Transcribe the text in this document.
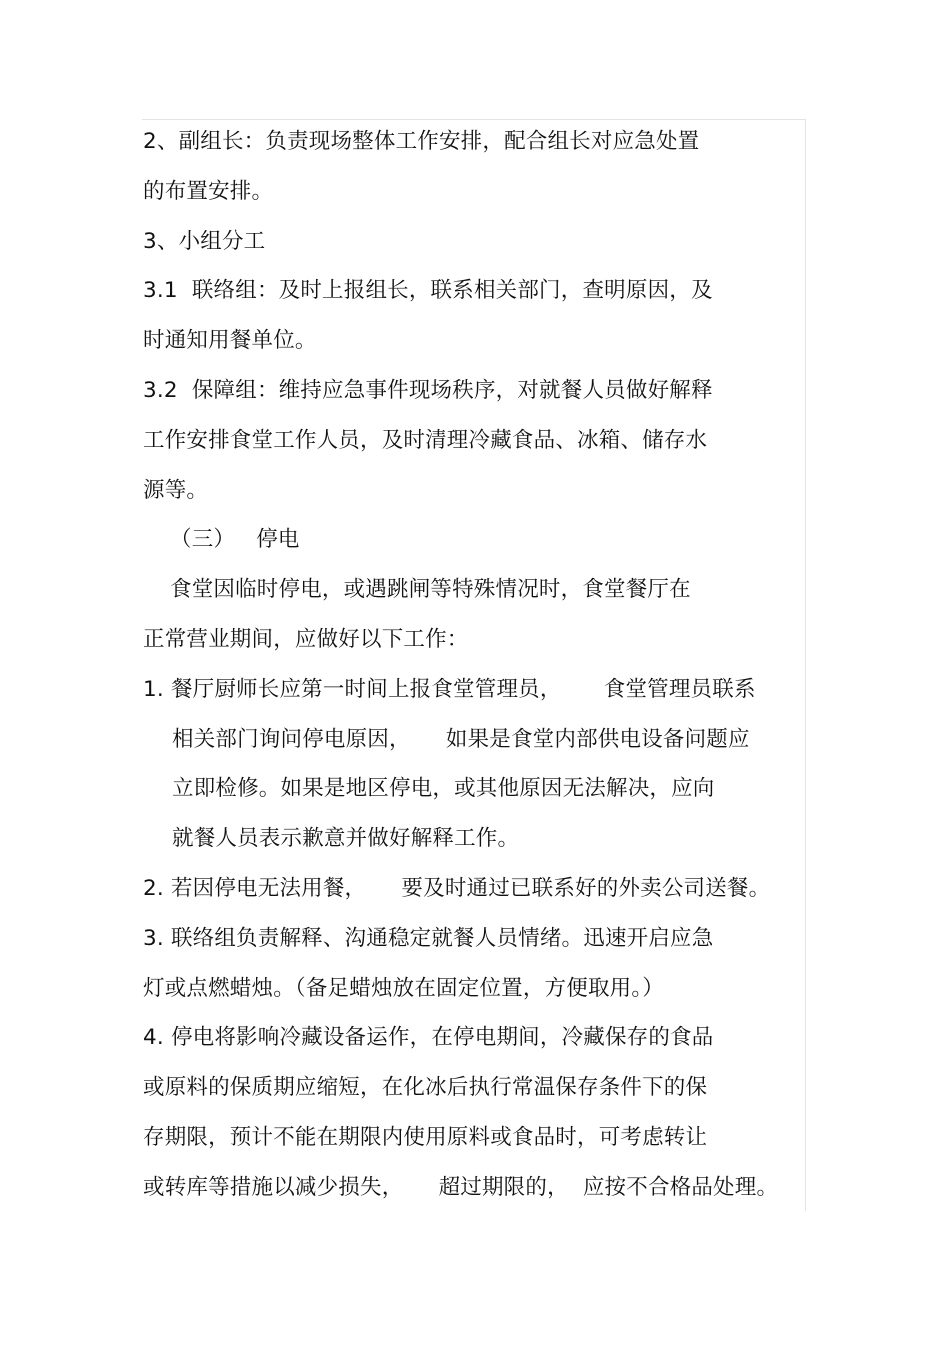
2、副组长：负责现场整体工作安排，配合组长对应急处置
的布置安排。
3、小组分工
3.1  联络组：及时上报组长，联系相关部门，查明原因，及
时通知用餐单位。
3.2  保障组：维持应急事件现场秩序，对就餐人员做好解释
工作安排食堂工作人员，及时清理冷藏食品、冰箱、储存水
源等。
（三）   停电
食堂因临时停电，或遇跳闸等特殊情况时，食堂餐厅在
正常营业期间，应做好以下工作：
1. 餐厅厨师长应第一时间上报食堂管理员，      食堂管理员联系
相关部门询问停电原因，     如果是食堂内部供电设备问题应
立即检修。如果是地区停电，或其他原因无法解决，应向
就餐人员表示歉意并做好解释工作。
2. 若因停电无法用餐，     要及时通过已联系好的外卖公司送餐。
3. 联络组负责解释、沟通稳定就餐人员情绪。迅速开启应急
灯或点燃蜡烛。（备足蜡烛放在固定位置，方便取用。）
4. 停电将影响冷藏设备运作，在停电期间，冷藏保存的食品
或原料的保质期应缩短，在化冰后执行常温保存条件下的保
存期限，预计不能在期限内使用原料或食品时，可考虑转让
或转库等措施以减少损失，     超过期限的，  应按不合格品处理。
